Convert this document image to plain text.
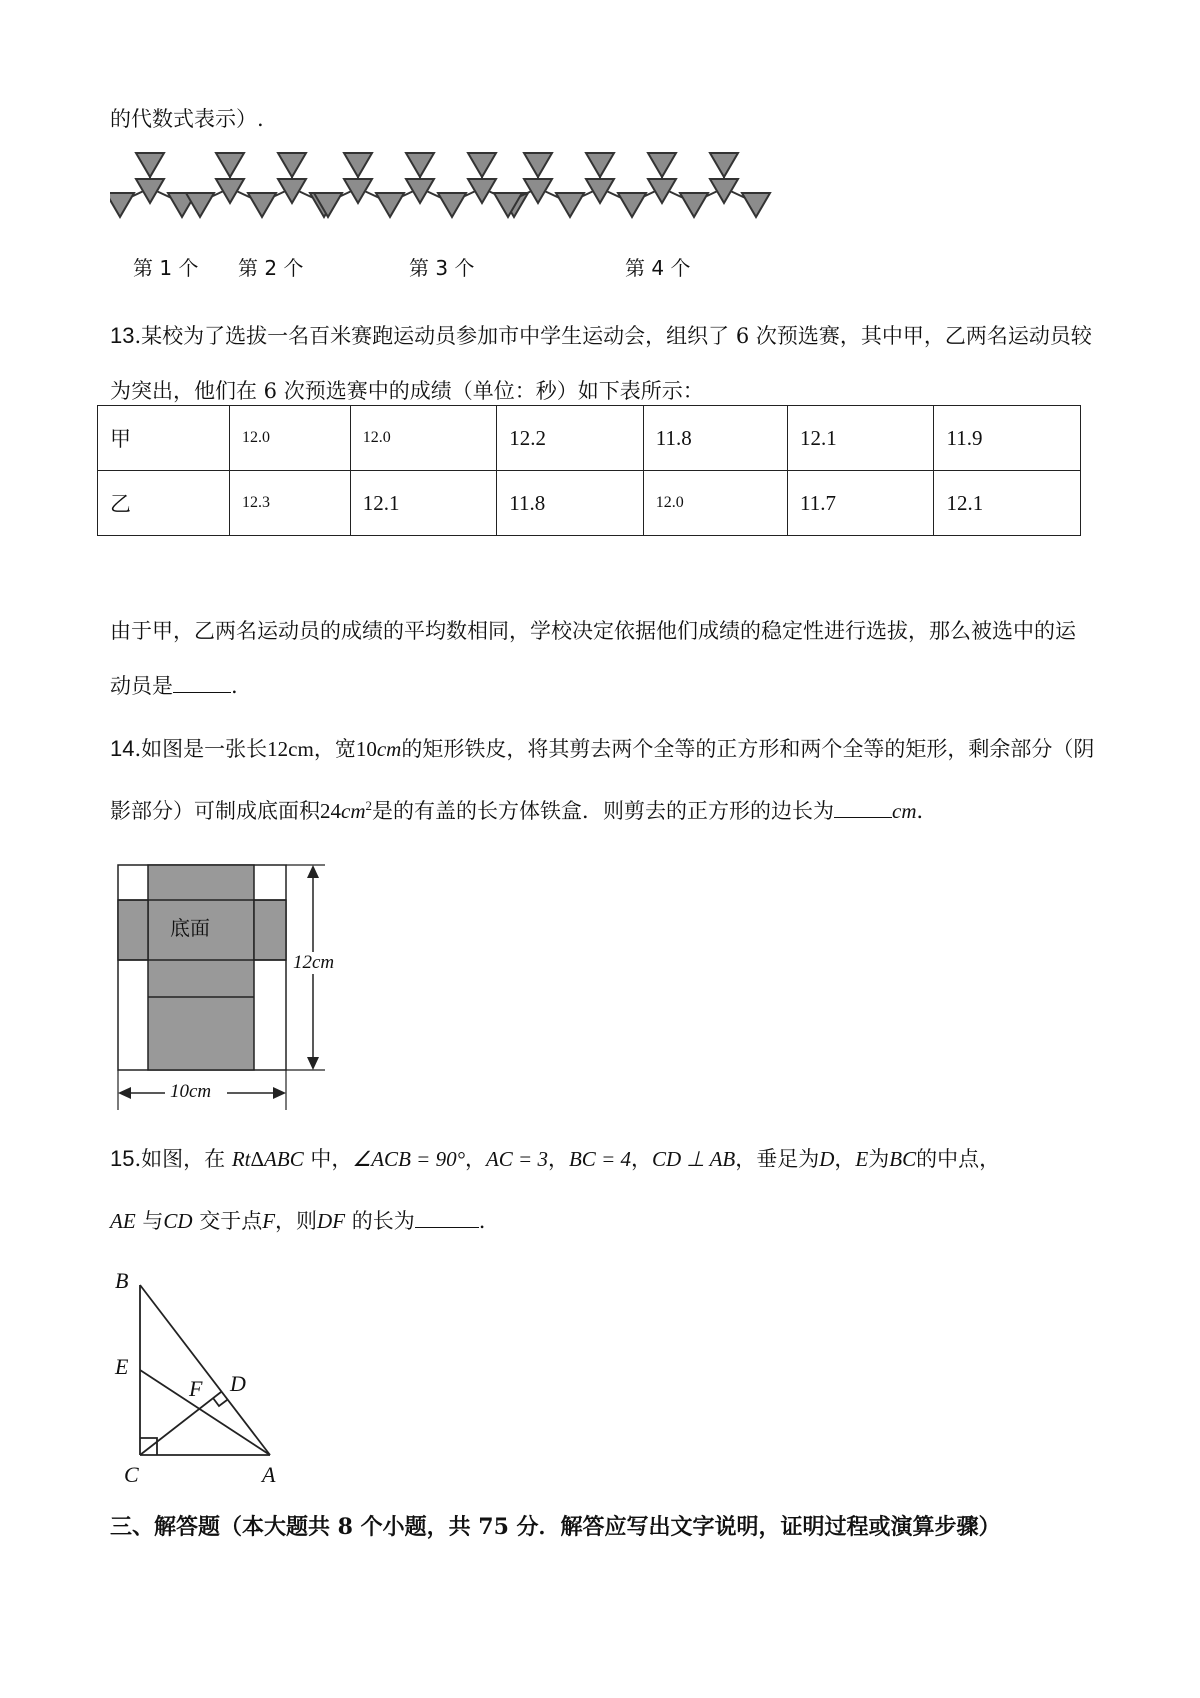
的代数式表示）.
第 1 个 第 2 个	第 3 个	第 4 个
13.某校为了选拔一名百米赛跑运动员参加市中学生运动会，组织了 6 次预选赛，其中甲，乙两名运动员较
为突出，他们在 6 次预选赛中的成绩（单位：秒）如下表所示：
甲	12.0	12.0	12.2	11.8	12.1	11.9
乙	12.3	12.1	11.8	12.0	11.7	12.1
由于甲，乙两名运动员的成绩的平均数相同，学校决定依据他们成绩的稳定性进行选拔，那么被选中的运
动员是	.
14.如图是一张长12cm，宽10cm的矩形铁皮，将其剪去两个全等的正方形和两个全等的矩形，剩余部分（阴
影部分）可制成底面积$24cm^2$是的有盖的长方体铁盒．则剪去的正方形的边长为	cm．
底面
12cm
10cm
15.如图，在 RtΔABC 中，∠ACB = 90°，AC = 3，BC = 4，CD ⊥ AB，垂足为D，E为BC的中点，
AE 与CD 交于点F，则DF 的长为	.
B
E
F D
C	A
三、解答题（本大题共 8 个小题，共 75 分．解答应写出文字说明，证明过程或演算步骤）
